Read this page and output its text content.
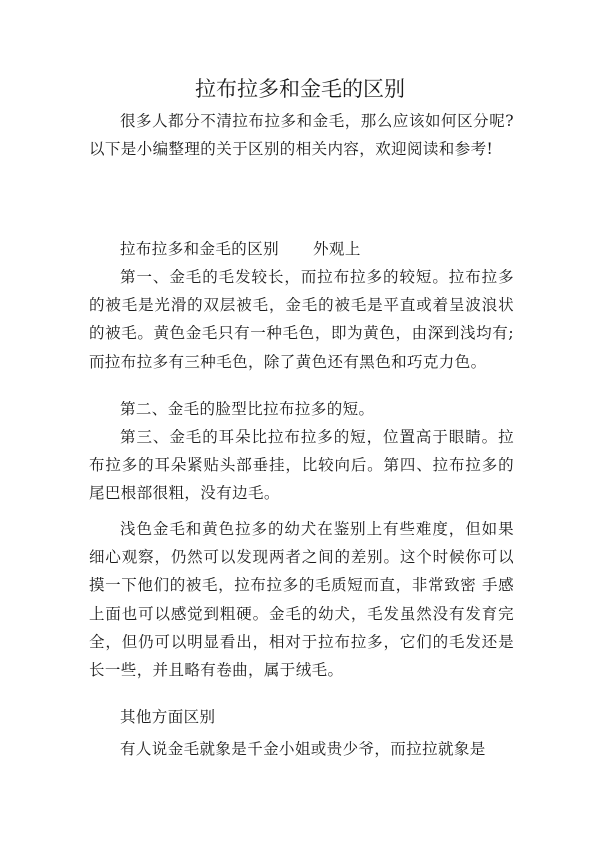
拉布拉多和金毛的区别

很多人都分不清拉布拉多和金毛，那么应该如何区分呢?以下是小编整理的关于区别的相关内容，欢迎阅读和参考!

拉布拉多和金毛的区别 外观上

第一、金毛的毛发较长，而拉布拉多的较短。拉布拉多的被毛是光滑的双层被毛，金毛的被毛是平直或着呈波浪状的被毛。黄色金毛只有一种毛色，即为黄色，由深到浅均有;而拉布拉多有三种毛色，除了黄色还有黑色和巧克力色。

第二、金毛的脸型比拉布拉多的短。

第三、金毛的耳朵比拉布拉多的短，位置高于眼睛。拉布拉多的耳朵紧贴头部垂挂，比较向后。第四、拉布拉多的尾巴根部很粗，没有边毛。

浅色金毛和黄色拉多的幼犬在鉴别上有些难度，但如果细心观察，仍然可以发现两者之间的差别。这个时候你可以摸一下他们的被毛，拉布拉多的毛质短而直，非常致密 手感上面也可以感觉到粗硬。金毛的幼犬，毛发虽然没有发育完全，但仍可以明显看出，相对于拉布拉多，它们的毛发还是长一些，并且略有卷曲，属于绒毛。

其他方面区别

有人说金毛就象是千金小姐或贵少爷，而拉拉就象是
